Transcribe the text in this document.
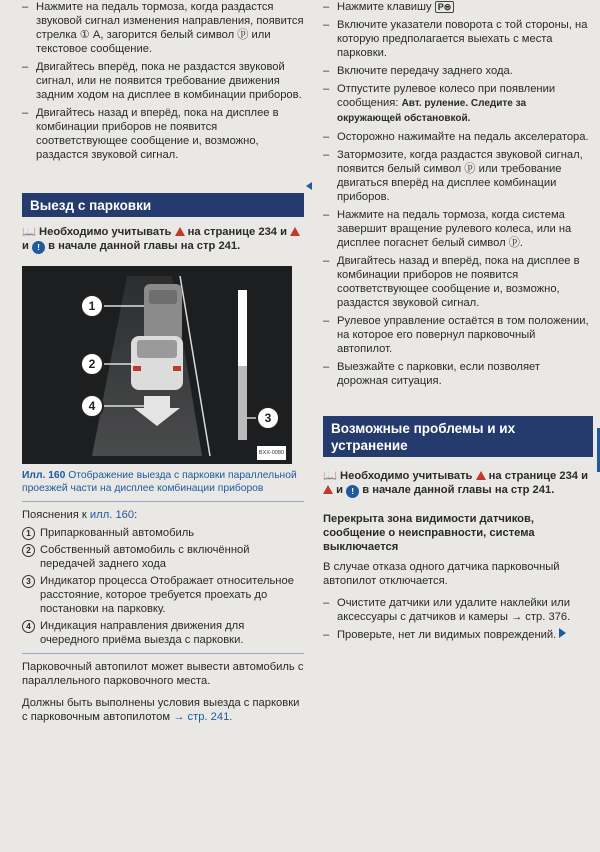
– Нажмите на педаль тормоза, когда раздастся звуковой сигнал изменения направления, появится стрелка ① A, загорится белый символ ⓟ или текстовое сообщение.
– Двигайтесь вперёд, пока не раздастся звуковой сигнал, или не появится требование движения задним ходом на дисплее в комбинации приборов.
– Двигайтесь назад и вперёд, пока на дисплее в комбинации приборов не появится соответствующее сообщение и, возможно, раздастся звуковой сигнал.
Выезд с парковки
📖 Необходимо учитывать на странице 234 и  и ! в начале данной главы на стр 241.
1
2
4
3
BXX-0080
Илл. 160 Отображение выезда с парковки параллельной проезжей части на дисплее комбинации приборов
Пояснения к илл. 160:
1 Припаркованный автомобиль
2 Собственный автомобиль с включённой передачей заднего хода
3 Индикатор процесса Отображает относительное расстояние, которое требуется проехать до постановки на парковку.
4 Индикация направления движения для очередного приёма выезда с парковки.
Парковочный автопилот может вывести автомобиль с параллельного парковочного места.
Должны быть выполнены условия выезда с парковки с парковочным автопилотом → стр. 241.
– Нажмите клавишу P⊜
– Включите указатели поворота с той стороны, на которую предполагается выехать с места парковки.
– Включите передачу заднего хода.
– Отпустите рулевое колесо при появлении сообщения: Авт. руление. Следите за окружающей обстановкой.
– Осторожно нажимайте на педаль акселератора.
– Затормозите, когда раздастся звуковой сигнал, появится белый символ ⓟ или требование двигаться вперёд на дисплее комбинации приборов.
– Нажмите на педаль тормоза, когда система завершит вращение рулевого колеса, или на дисплее погаснет белый символ ⓟ.
– Двигайтесь назад и вперёд, пока на дисплее в комбинации приборов не появится соответствующее сообщение и, возможно, раздастся звуковой сигнал.
– Рулевое управление остаётся в том положении, на которое его повернул парковочный автопилот.
– Выезжайте с парковки, если позволяет дорожная ситуация.
Возможные проблемы и их устранение
📖 Необходимо учитывать на странице 234 и  и ! в начале данной главы на стр 241.
Перекрыта зона видимости датчиков, сообщение о неисправности, система выключается
В случае отказа одного датчика парковочный автопилот отключается.
– Очистите датчики или удалите наклейки или аксессуары с датчиков и камеры → стр. 376.
– Проверьте, нет ли видимых повреждений.
